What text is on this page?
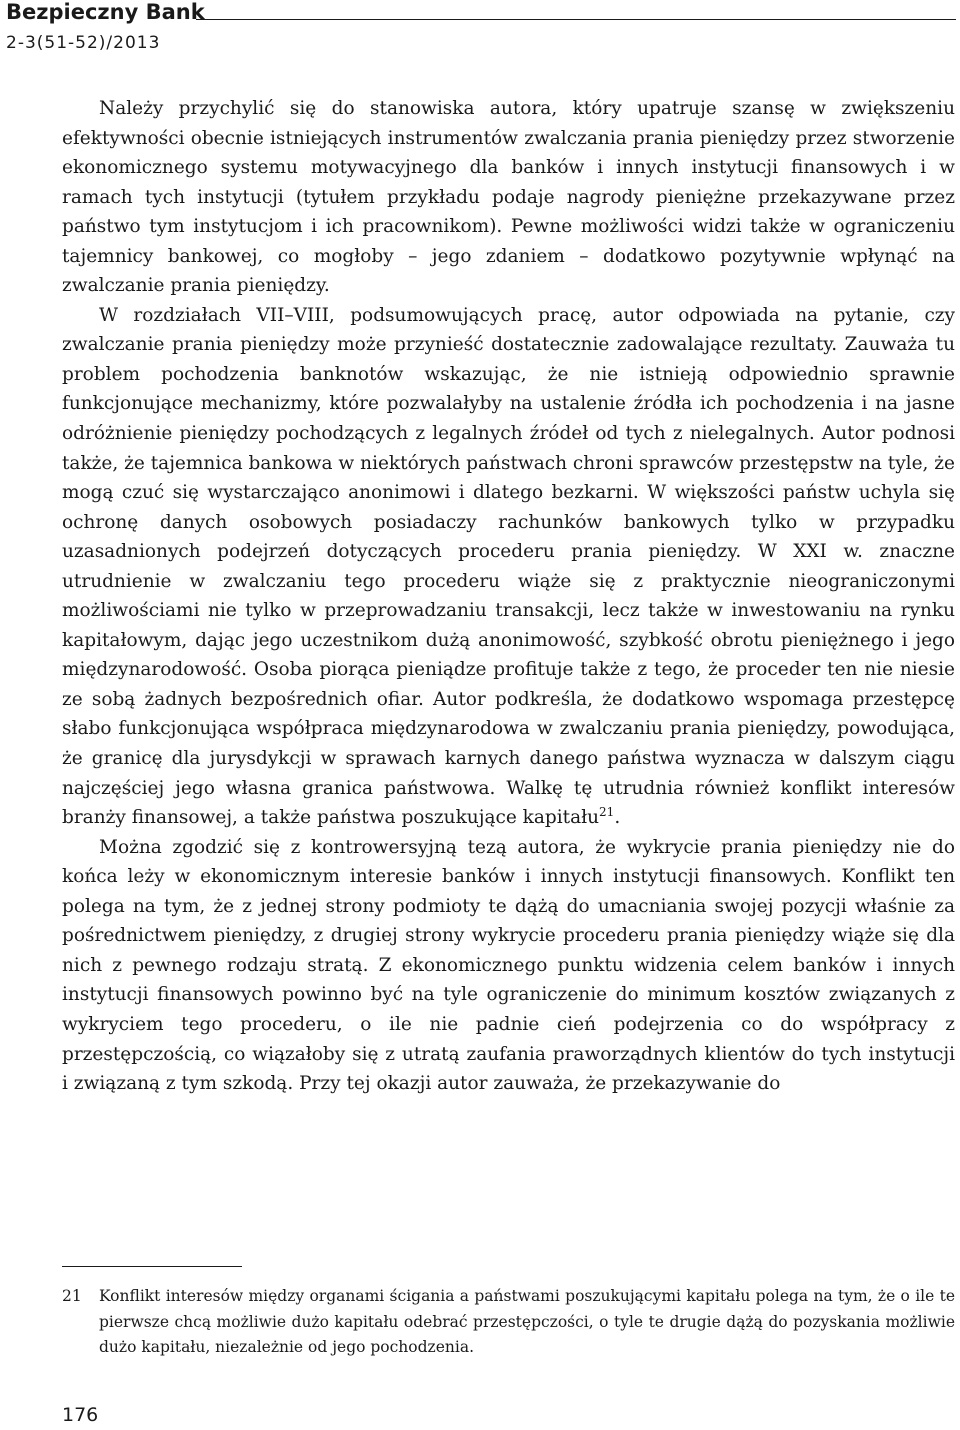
Bezpieczny Bank
2-3(51-52)/2013

Należy przychylić się do stanowiska autora, który upatruje szansę w zwiększeniu efektywności obecnie istniejących instrumentów zwalczania prania pieniędzy przez stworzenie ekonomicznego systemu motywacyjnego dla banków i innych instytucji finansowych i w ramach tych instytucji (tytułem przykładu podaje nagrody pieniężne przekazywane przez państwo tym instytucjom i ich pracownikom). Pewne możliwości widzi także w ograniczeniu tajemnicy bankowej, co mogłoby – jego zdaniem – dodatkowo pozytywnie wpłynąć na zwalczanie prania pieniędzy.

W rozdziałach VII–VIII, podsumowujących pracę, autor odpowiada na pytanie, czy zwalczanie prania pieniędzy może przynieść dostatecznie zadowalające rezultaty. Zauważa tu problem pochodzenia banknotów wskazując, że nie istnieją odpowiednio sprawnie funkcjonujące mechanizmy, które pozwalałyby na ustalenie źródła ich pochodzenia i na jasne odróżnienie pieniędzy pochodzących z legalnych źródeł od tych z nielegalnych. Autor podnosi także, że tajemnica bankowa w niektórych państwach chroni sprawców przestępstw na tyle, że mogą czuć się wystarczająco anonimowi i dlatego bezkarni. W większości państw uchyla się ochronę danych osobowych posiadaczy rachunków bankowych tylko w przypadku uzasadnionych podejrzeń dotyczących procederu prania pieniędzy. W XXI w. znaczne utrudnienie w zwalczaniu tego procederu wiąże się z praktycznie nieograniczonymi możliwościami nie tylko w przeprowadzaniu transakcji, lecz także w inwestowaniu na rynku kapitałowym, dając jego uczestnikom dużą anonimowość, szybkość obrotu pieniężnego i jego międzynarodowość. Osoba piorąca pieniądze profituje także z tego, że proceder ten nie niesie ze sobą żadnych bezpośrednich ofiar. Autor podkreśla, że dodatkowo wspomaga przestępcę słabo funkcjonująca współpraca międzynarodowa w zwalczaniu prania pieniędzy, powodująca, że granicę dla jurysdykcji w sprawach karnych danego państwa wyznacza w dalszym ciągu najczęściej jego własna granica państwowa. Walkę tę utrudnia również konflikt interesów branży finansowej, a także państwa poszukujące kapitału$^{21}$.

Można zgodzić się z kontrowersyjną tezą autora, że wykrycie prania pieniędzy nie do końca leży w ekonomicznym interesie banków i innych instytucji finansowych. Konflikt ten polega na tym, że z jednej strony podmioty te dążą do umacniania swojej pozycji właśnie za pośrednictwem pieniędzy, z drugiej strony wykrycie procederu prania pieniędzy wiąże się dla nich z pewnego rodzaju stratą. Z ekonomicznego punktu widzenia celem banków i innych instytucji finansowych powinno być na tyle ograniczenie do minimum kosztów związanych z wykryciem tego procederu, o ile nie padnie cień podejrzenia co do współpracy z przestępczością, co wiązałoby się z utratą zaufania praworządnych klientów do tych instytucji i związaną z tym szkodą. Przy tej okazji autor zauważa, że przekazywanie do

21 Konflikt interesów między organami ścigania a państwami poszukującymi kapitału polega na tym, że o ile te pierwsze chcą możliwie dużo kapitału odebrać przestępczości, o tyle te drugie dążą do pozyskania możliwie dużo kapitału, niezależnie od jego pochodzenia.
176
